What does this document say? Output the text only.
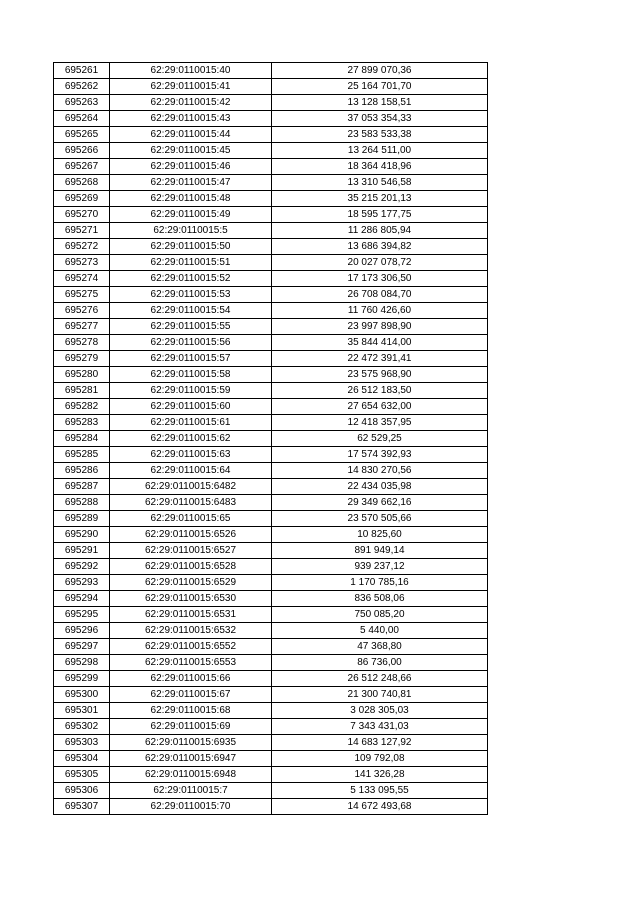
695261	62:29:0110015:40	27 899 070,36
695262	62:29:0110015:41	25 164 701,70
695263	62:29:0110015:42	13 128 158,51
695264	62:29:0110015:43	37 053 354,33
695265	62:29:0110015:44	23 583 533,38
695266	62:29:0110015:45	13 264 511,00
695267	62:29:0110015:46	18 364 418,96
695268	62:29:0110015:47	13 310 546,58
695269	62:29:0110015:48	35 215 201,13
695270	62:29:0110015:49	18 595 177,75
695271	62:29:0110015:5	11 286 805,94
695272	62:29:0110015:50	13 686 394,82
695273	62:29:0110015:51	20 027 078,72
695274	62:29:0110015:52	17 173 306,50
695275	62:29:0110015:53	26 708 084,70
695276	62:29:0110015:54	11 760 426,60
695277	62:29:0110015:55	23 997 898,90
695278	62:29:0110015:56	35 844 414,00
695279	62:29:0110015:57	22 472 391,41
695280	62:29:0110015:58	23 575 968,90
695281	62:29:0110015:59	26 512 183,50
695282	62:29:0110015:60	27 654 632,00
695283	62:29:0110015:61	12 418 357,95
695284	62:29:0110015:62	62 529,25
695285	62:29:0110015:63	17 574 392,93
695286	62:29:0110015:64	14 830 270,56
695287	62:29:0110015:6482	22 434 035,98
695288	62:29:0110015:6483	29 349 662,16
695289	62:29:0110015:65	23 570 505,66
695290	62:29:0110015:6526	10 825,60
695291	62:29:0110015:6527	891 949,14
695292	62:29:0110015:6528	939 237,12
695293	62:29:0110015:6529	1 170 785,16
695294	62:29:0110015:6530	836 508,06
695295	62:29:0110015:6531	750 085,20
695296	62:29:0110015:6532	5 440,00
695297	62:29:0110015:6552	47 368,80
695298	62:29:0110015:6553	86 736,00
695299	62:29:0110015:66	26 512 248,66
695300	62:29:0110015:67	21 300 740,81
695301	62:29:0110015:68	3 028 305,03
695302	62:29:0110015:69	7 343 431,03
695303	62:29:0110015:6935	14 683 127,92
695304	62:29:0110015:6947	109 792,08
695305	62:29:0110015:6948	141 326,28
695306	62:29:0110015:7	5 133 095,55
695307	62:29:0110015:70	14 672 493,68
